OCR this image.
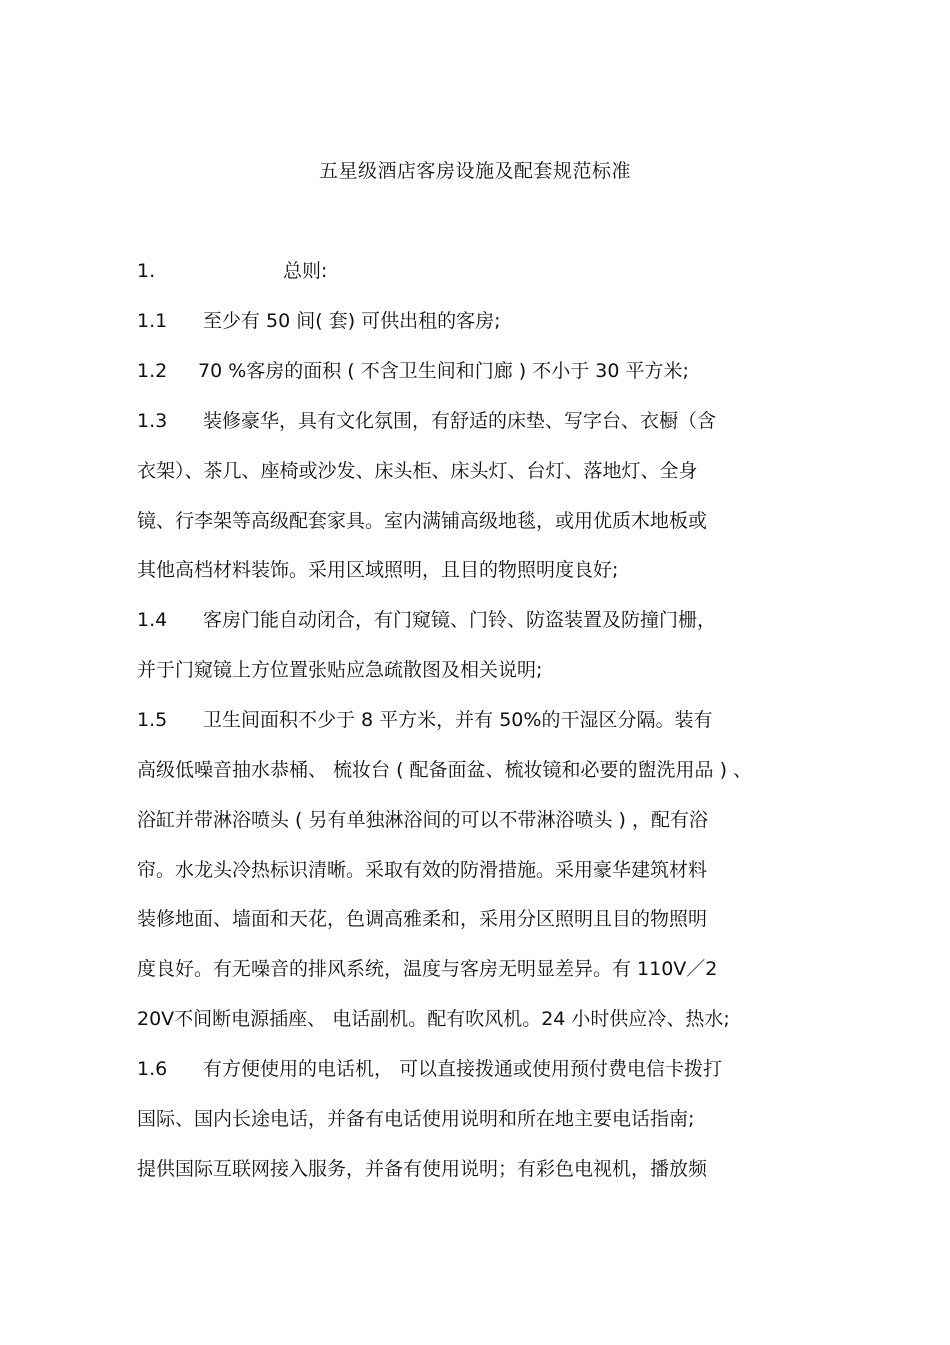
五星级酒店客房设施及配套规范标准
1.	总则:
1.1 至少有 50 间( 套) 可供出租的客房;
1.2 70 %客房的面积 ( 不含卫生间和门廊 ) 不小于 30 平方米;
1.3 装修豪华，具有文化氛围，有舒适的床垫、写字台、衣橱（含
衣架）、茶几、座椅或沙发、床头柜、床头灯、台灯、落地灯、全身
镜、行李架等高级配套家具。室内满铺高级地毯，或用优质木地板或
其他高档材料装饰。采用区域照明，且目的物照明度良好;
1.4 客房门能自动闭合，有门窥镜、门铃、防盗装置及防撞门栅，
并于门窥镜上方位置张贴应急疏散图及相关说明;
1.5 卫生间面积不少于 8 平方米，并有 50%的干湿区分隔。装有
高级低噪音抽水恭桶、 梳妆台 ( 配备面盆、梳妆镜和必要的盥洗用品 ) 、
浴缸并带淋浴喷头 ( 另有单独淋浴间的可以不带淋浴喷头 ) ，配有浴
帘。水龙头冷热标识清晰。采取有效的防滑措施。采用豪华建筑材料
装修地面、墙面和天花，色调高雅柔和，采用分区照明且目的物照明
度良好。有无噪音的排风系统，温度与客房无明显差异。有 110V／2
20V不间断电源插座、 电话副机。配有吹风机。24 小时供应冷、热水;
1.6 有方便使用的电话机， 可以直接拨通或使用预付费电信卡拨打
国际、国内长途电话，并备有电话使用说明和所在地主要电话指南;
提供国际互联网接入服务，并备有使用说明；有彩色电视机，播放频
